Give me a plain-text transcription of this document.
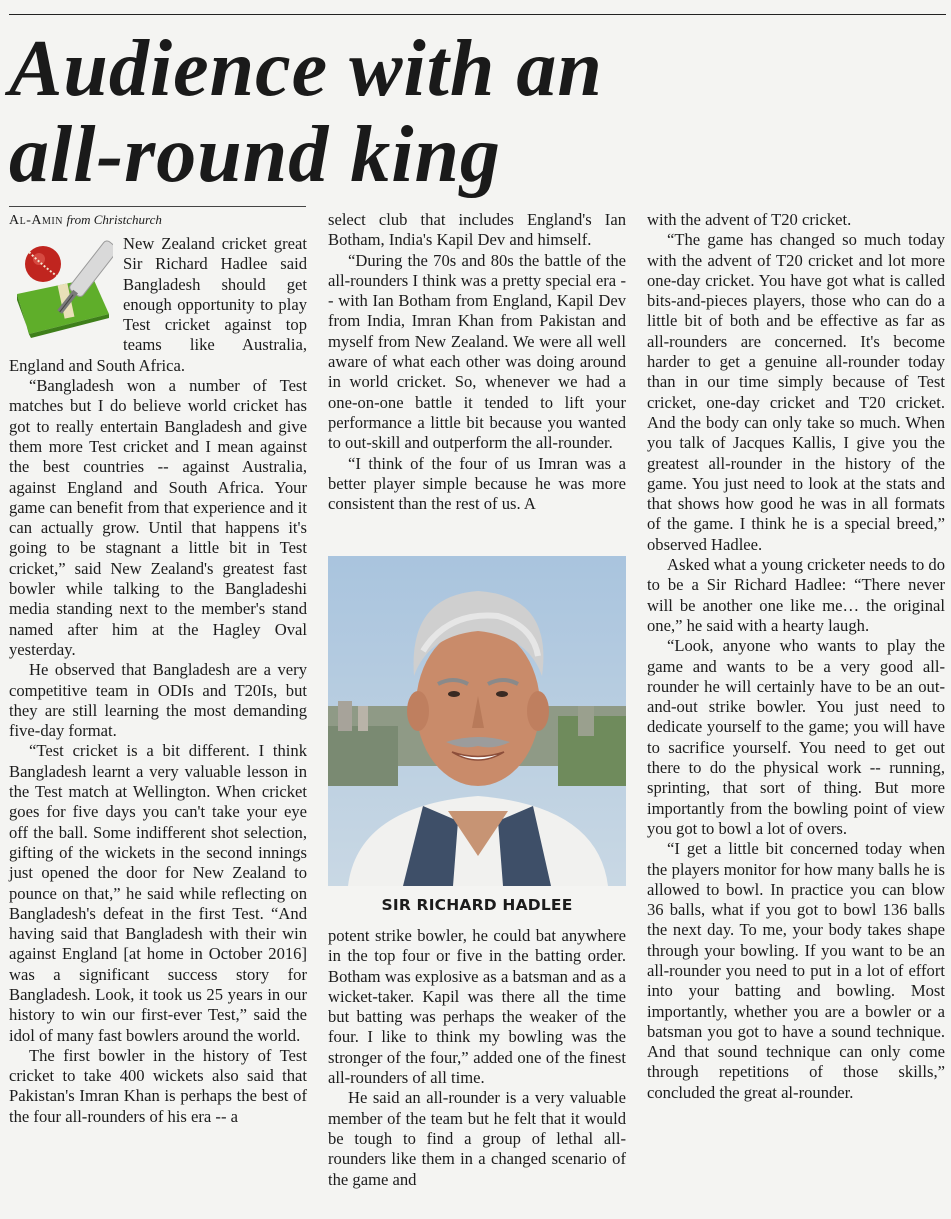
Audience with an
all-round king
Al-Amin from Christchurch

New Zealand cricket great Sir Richard Hadlee said Bangladesh should get enough opportunity to play Test cricket against top teams like Australia, England and South Africa.

“Bangladesh won a number of Test matches but I do believe world cricket has got to really entertain Bangladesh and give them more Test cricket and I mean against the best countries -- against Australia, against England and South Africa. Your game can benefit from that experience and it can actually grow. Until that happens it's going to be stagnant a little bit in Test cricket,” said New Zealand's greatest fast bowler while talking to the Bangladeshi media standing next to the member's stand named after him at the Hagley Oval yesterday.

He observed that Bangladesh are a very competitive team in ODIs and T20Is, but they are still learning the most demanding five-day format.

“Test cricket is a bit different. I think Bangladesh learnt a very valuable lesson in the Test match at Wellington. When cricket goes for five days you can't take your eye off the ball. Some indifferent shot selection, gifting of the wickets in the second innings just opened the door for New Zealand to pounce on that,” he said while reflecting on Bangladesh's defeat in the first Test. “And having said that Bangladesh with their win against England [at home in October 2016] was a significant success story for Bangladesh. Look, it took us 25 years in our history to win our first-ever Test,” said the idol of many fast bowlers around the world.

The first bowler in the history of Test cricket to take 400 wickets also said that Pakistan's Imran Khan is perhaps the best of the four all-rounders of his era -- a

select club that includes England's Ian Botham, India's Kapil Dev and himself.

“During the 70s and 80s the battle of the all-rounders I think was a pretty special era -- with Ian Botham from England, Kapil Dev from India, Imran Khan from Pakistan and myself from New Zealand. We were all well aware of what each other was doing around in world cricket. So, whenever we had a one-on-one battle it tended to lift your performance a little bit because you wanted to out-skill and outperform the all-rounder.

“I think of the four of us Imran was a better player simple because he was more consistent than the rest of us. A

SIR RICHARD HADLEE

potent strike bowler, he could bat anywhere in the top four or five in the batting order. Botham was explosive as a batsman and as a wicket-taker. Kapil was there all the time but batting was perhaps the weaker of the four. I like to think my bowling was the stronger of the four,” added one of the finest all-rounders of all time.

He said an all-rounder is a very valuable member of the team but he felt that it would be tough to find a group of lethal all-rounders like them in a changed scenario of the game and

with the advent of T20 cricket.

“The game has changed so much today with the advent of T20 cricket and lot more one-day cricket. You have got what is called bits-and-pieces players, those who can do a little bit of both and be effective as far as all-rounders are concerned. It's become harder to get a genuine all-rounder today than in our time simply because of Test cricket, one-day cricket and T20 cricket. And the body can only take so much. When you talk of Jacques Kallis, I give you the greatest all-rounder in the history of the game. You just need to look at the stats and that shows how good he was in all formats of the game. I think he is a special breed,” observed Hadlee.

Asked what a young cricketer needs to do to be a Sir Richard Hadlee: “There never will be another one like me… the original one,” he said with a hearty laugh.

“Look, anyone who wants to play the game and wants to be a very good all-rounder he will certainly have to be an out-and-out strike bowler. You just need to dedicate yourself to the game; you will have to sacrifice yourself. You need to get out there to do the physical work -- running, sprinting, that sort of thing. But more importantly from the bowling point of view you got to bowl a lot of overs.

“I get a little bit concerned today when the players monitor for how many balls he is allowed to bowl. In practice you can blow 36 balls, what if you got to bowl 136 balls the next day. To me, your body takes shape through your bowling. If you want to be an all-rounder you need to put in a lot of effort into your batting and bowling. Most importantly, whether you are a bowler or a batsman you got to have a sound technique. And that sound technique can only come through repetitions of those skills,” concluded the great al-rounder.
